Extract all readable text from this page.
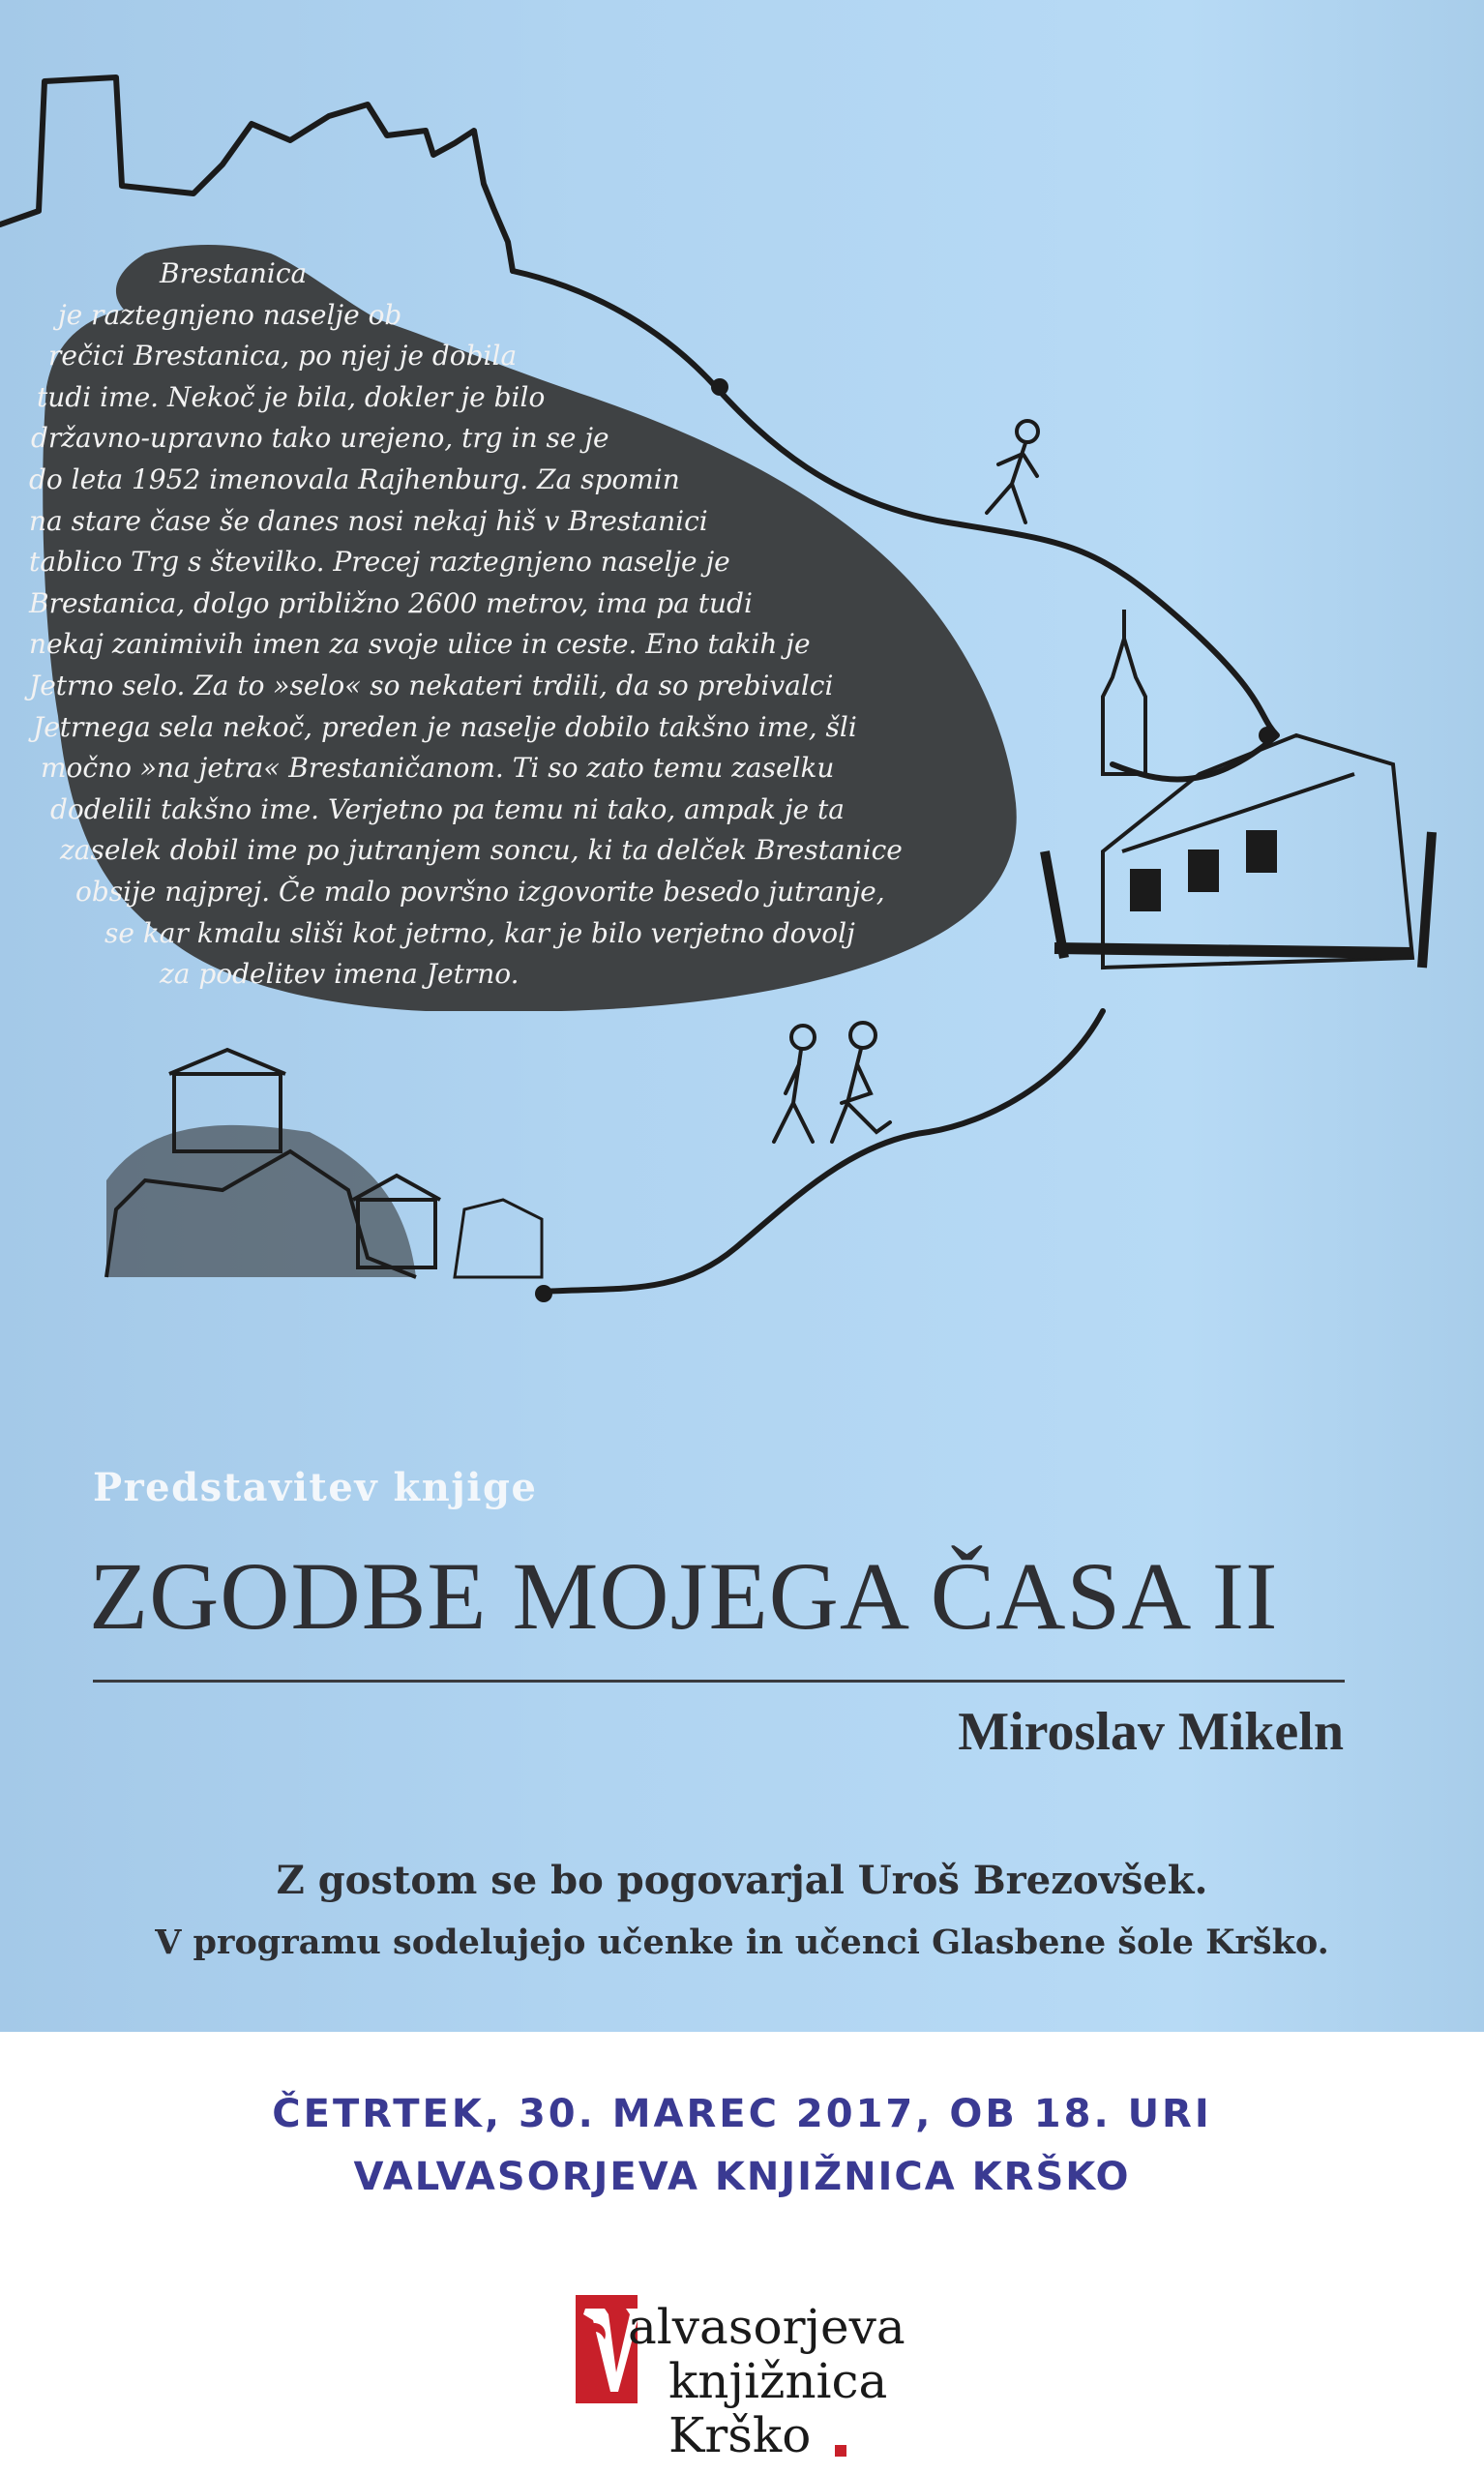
Brestanica
je raztegnjeno naselje ob
rečici Brestanica, po njej je dobila
tudi ime. Nekoč je bila, dokler je bilo
državno-upravno tako urejeno, trg in se je
do leta 1952 imenovala Rajhenburg. Za spomin
na stare čase še danes nosi nekaj hiš v Brestanici
tablico Trg s številko. Precej raztegnjeno naselje je
Brestanica, dolgo približno 2600 metrov, ima pa tudi
nekaj zanimivih imen za svoje ulice in ceste. Eno takih je
Jetrno selo. Za to »selo« so nekateri trdili, da so prebivalci
Jetrnega sela nekoč, preden je naselje dobilo takšno ime, šli
močno »na jetra« Brestaničanom. Ti so zato temu zaselku
dodelili takšno ime. Verjetno pa temu ni tako, ampak je ta
zaselek dobil ime po jutranjem soncu, ki ta delček Brestanice
obsije najprej. Če malo površno izgovorite besedo jutranje,
se kar kmalu sliši kot jetrno, kar je bilo verjetno dovolj
za podelitev imena Jetrno.
Predstavitev knjige
ZGODBE MOJEGA ČASA II
Miroslav Mikeln
Z gostom se bo pogovarjal Uroš Brezovšek.
V programu sodelujejo učenke in učenci Glasbene šole Krško.
ČETRTEK, 30. MAREC 2017, OB 18. URI
VALVASORJEVA KNJIŽNICA KRŠKO
alvasorjeva
knjižnica
Krško
